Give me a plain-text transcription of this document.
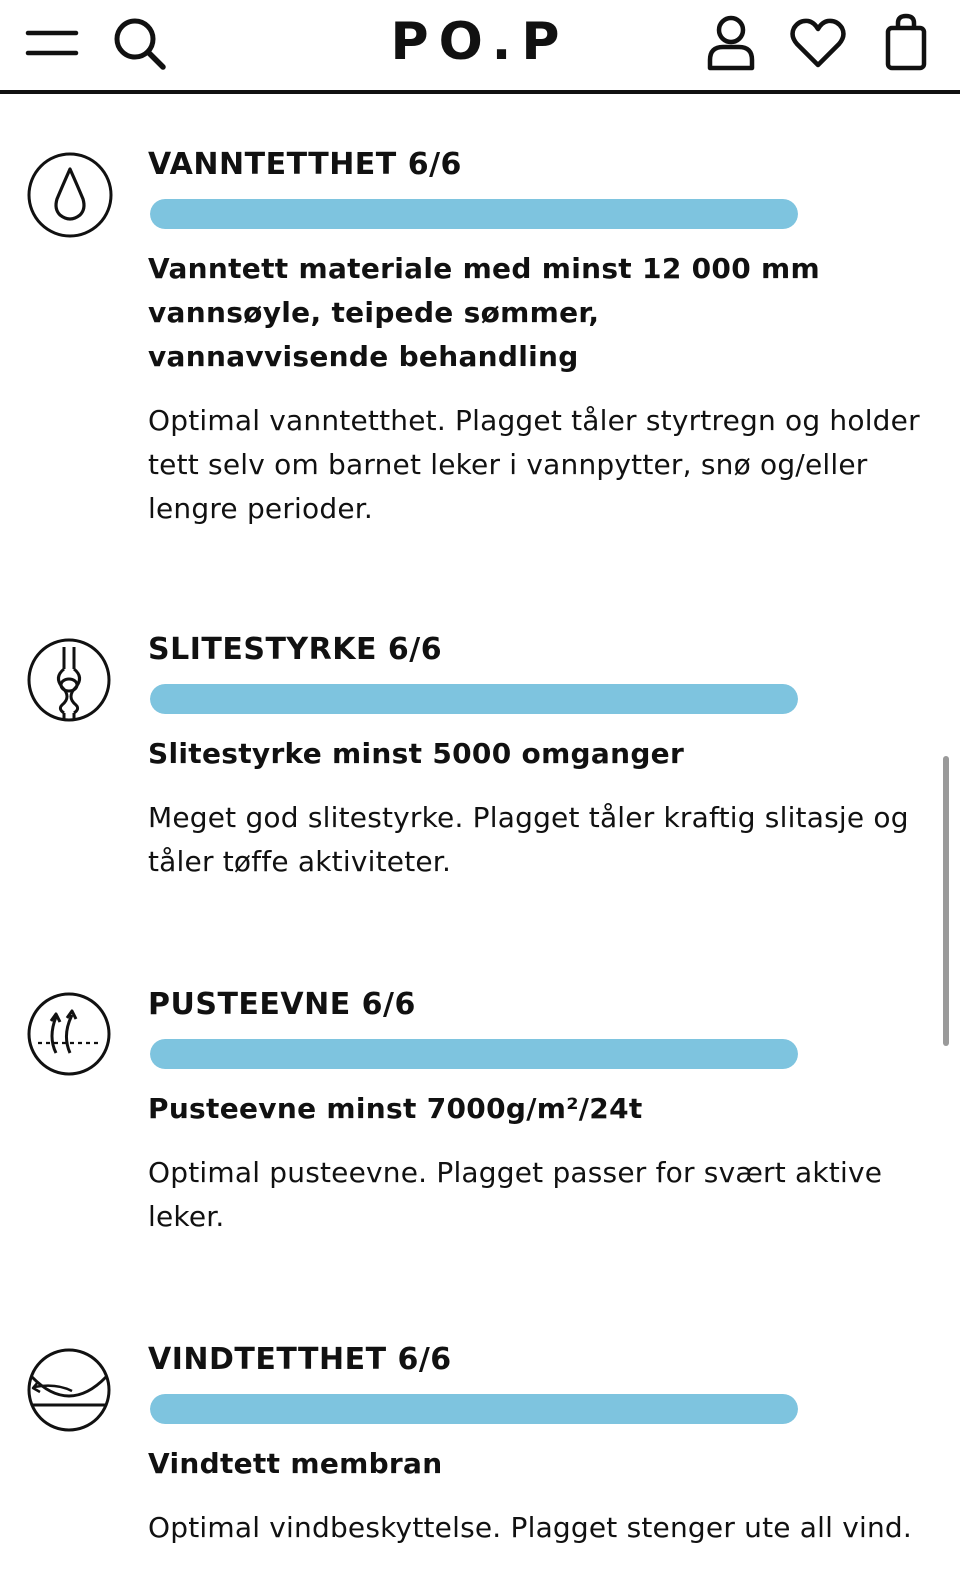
PO.P
VANNTETTHET 6/6
Vanntett materiale med minst 12 000 mm vannsøyle, teipede sømmer, vannavvisende behandling
Optimal vanntetthet. Plagget tåler styrtregn og holder tett selv om barnet leker i vannpytter, snø og/eller lengre perioder.
SLITESTYRKE 6/6
Slitestyrke minst 5000 omganger
Meget god slitestyrke. Plagget tåler kraftig slitasje og tåler tøffe aktiviteter.
PUSTEEVNE 6/6
Pusteevne minst 7000g/m²/24t
Optimal pusteevne. Plagget passer for svært aktive leker.
VINDTETTHET 6/6
Vindtett membran
Optimal vindbeskyttelse. Plagget stenger ute all vind.
